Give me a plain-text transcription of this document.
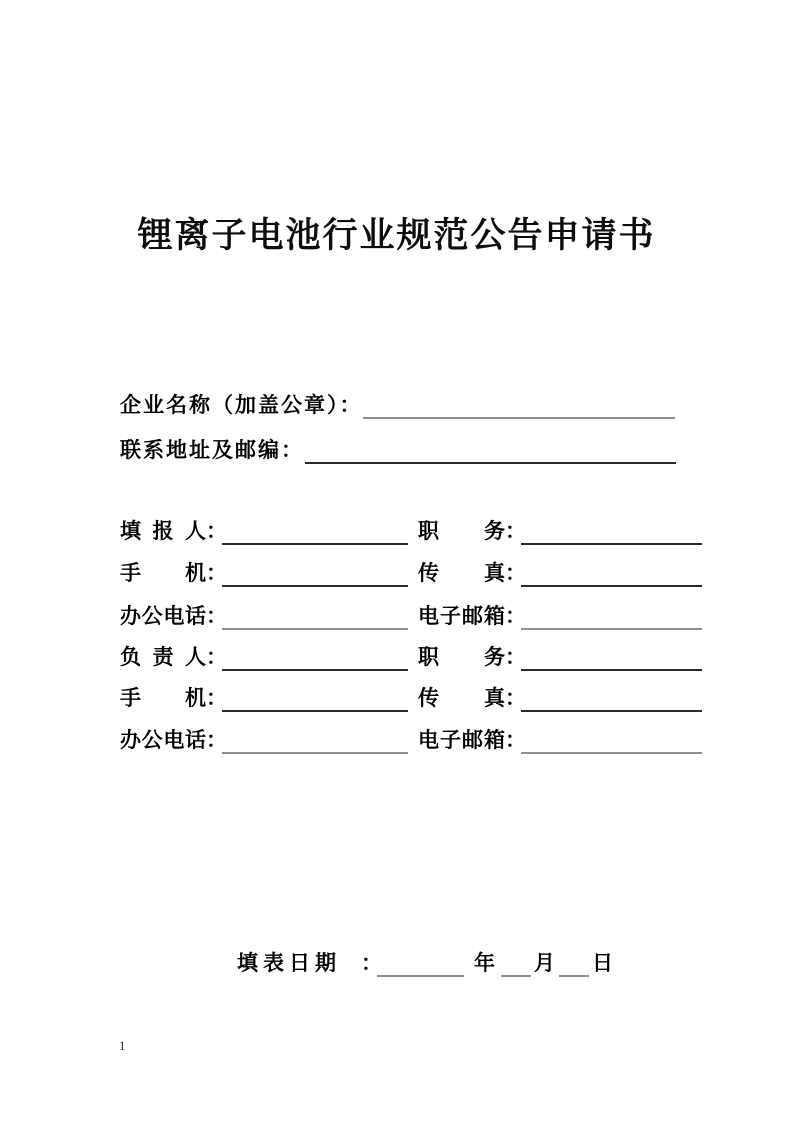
锂离子电池行业规范公告申请书
企业名称（加盖公章）：
联系地址及邮编：
填报人：	职务：
手机：	传真：
办公电话：	电子邮箱：
负责人：	职务：
手机：	传真：
办公电话：	电子邮箱：
填表日期 ：	年 月 日
1
